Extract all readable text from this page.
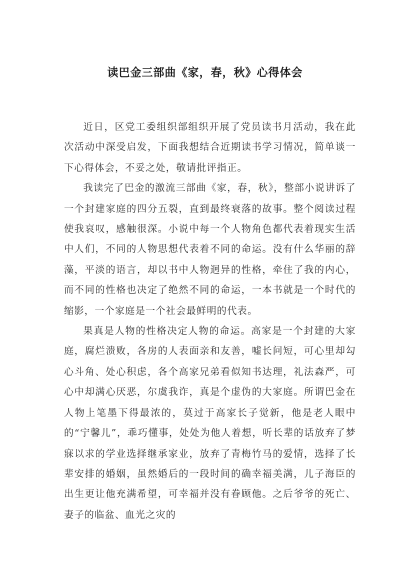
读巴金三部曲《家，春，秋》心得体会

近日，区党工委组织部组织开展了党员读书月活动，我在此次活动中深受启发，下面我想结合近期读书学习情况，简单谈一下心得体会，不妥之处，敬请批评指正。

我读完了巴金的激流三部曲《家，春，秋》，整部小说讲诉了一个封建家庭的四分五裂，直到最终衰落的故事。整个阅读过程使我哀叹，感触很深。小说中每一个人物角色都代表着现实生活中人们，不同的人物思想代表着不同的命运。没有什么华丽的辞藻，平淡的语言，却以书中人物迥异的性格，牵住了我的内心，而不同的性格也决定了绝然不同的命运，一本书就是一个时代的缩影，一个家庭是一个社会最鲜明的代表。

果真是人物的性格决定人物的命运。高家是一个封建的大家庭，腐烂溃败，各房的人表面亲和友善，嘘长问短，可心里却勾心斗角、处心积虑，各个高家兄弟看似知书达理，礼法森严，可心中却满心厌恶，尔虞我诈，真是个虚伪的大家庭。所谓巴金在人物上笔墨下得最浓的，莫过于高家长子觉新，他是老人眼中的“宁馨儿”，乖巧懂事，处处为他人着想，听长辈的话放弃了梦寐以求的学业选择继承家业，放弃了青梅竹马的爱情，选择了长辈安排的婚姻，虽然婚后的一段时间的确幸福美满，儿子海臣的出生更让他充满希望，可幸福并没有眷顾他。之后爷爷的死亡、妻子的临盆、血光之灾的
